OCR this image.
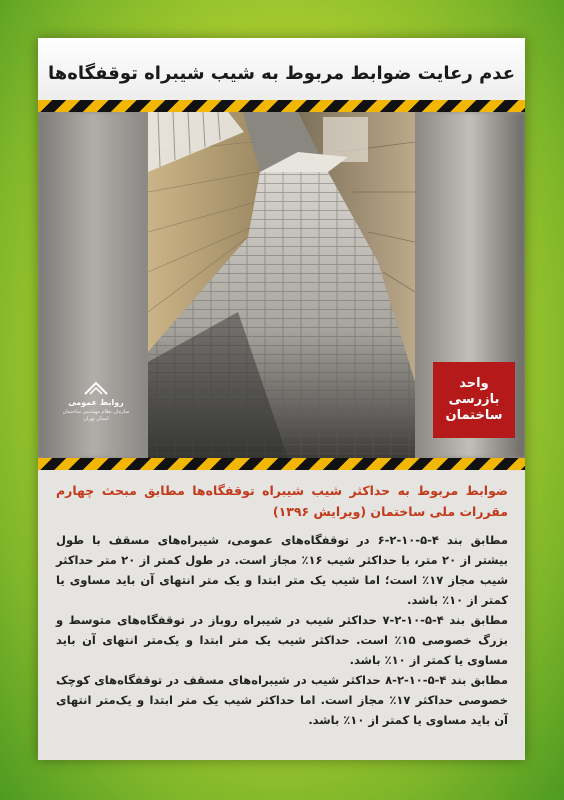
عدم رعایت ضوابط مربوط به شیب شیبراه توقفگاه‌ها
روابط عمومی
سازمان نظام مهندسی ساختمان
استان تهران
واحد
بازرسی
ساختمان

ضوابط مربوط به حداکثر شیب شیبراه توقفگاه‌ها مطابق مبحث چهارم مقررات ملی ساختمان (ویرایش ۱۳۹۶)

مطابق بند ۴-۵-۱۰-۲-۶ در توقفگاه‌های عمومی، شیبراه‌های مسقف با طول بیشتر از ۲۰ متر، با حداکثر شیب ۱۶٪ مجاز است. در طول کمتر از ۲۰ متر حداکثر شیب مجاز ۱۷٪ است؛ اما شیب یک متر ابتدا و یک متر انتهای آن باید مساوی یا کمتر از ۱۰٪ باشد.

مطابق بند ۴-۵-۱۰-۲-۷ حداکثر شیب در شیبراه روباز در توقفگاه‌های متوسط و بزرگ خصوصی ۱۵٪ است. حداکثر شیب یک متر ابتدا و یک‌متر انتهای آن باید مساوی یا کمتر از ۱۰٪ باشد.

مطابق بند ۴-۵-۱۰-۲-۸ حداکثر شیب در شیبراه‌های مسقف در توقفگاه‌های کوچک خصوصی حداکثر ۱۷٪ مجاز است. اما حداکثر شیب یک متر ابتدا و یک‌متر انتهای آن باید مساوی یا کمتر از ۱۰٪ باشد.
